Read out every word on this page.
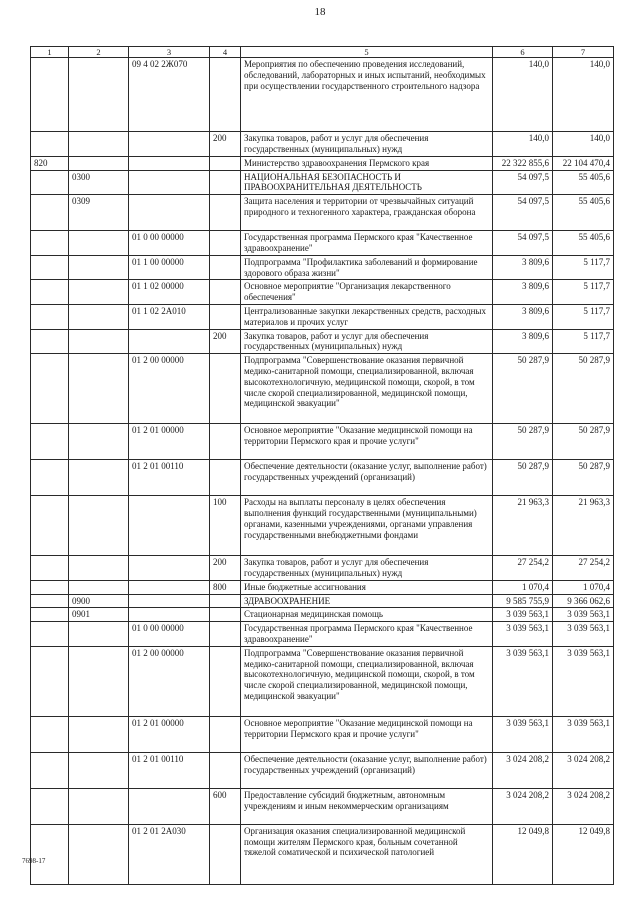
18
1	2	3	4	5	6	7
		09 4 02 2Ж070		Мероприятия по обеспечению проведения исследований, обследований, лабораторных и иных испытаний, необходимых при осуществлении государственного строительного надзора	140,0	140,0
			200	Закупка товаров, работ и услуг для обеспечения государственных (муниципальных) нужд	140,0	140,0
820				Министерство здравоохранения Пермского края	22 322 855,6	22 104 470,4
	0300			НАЦИОНАЛЬНАЯ БЕЗОПАСНОСТЬ И ПРАВООХРАНИТЕЛЬНАЯ ДЕЯТЕЛЬНОСТЬ	54 097,5	55 405,6
	0309			Защита населения и территории от чрезвычайных ситуаций природного и техногенного характера, гражданская оборона	54 097,5	55 405,6
		01 0 00 00000		Государственная программа Пермского края "Качественное здравоохранение"	54 097,5	55 405,6
		01 1 00 00000		Подпрограмма "Профилактика заболеваний и формирование здорового образа жизни"	3 809,6	5 117,7
		01 1 02 00000		Основное мероприятие "Организация лекарственного обеспечения"	3 809,6	5 117,7
		01 1 02 2А010		Централизованные закупки лекарственных средств, расходных материалов и прочих услуг	3 809,6	5 117,7
			200	Закупка товаров, работ и услуг для обеспечения государственных (муниципальных) нужд	3 809,6	5 117,7
		01 2 00 00000		Подпрограмма "Совершенствование оказания первичной медико-санитарной помощи, специализированной, включая высокотехнологичную, медицинской помощи, скорой, в том числе скорой специализированной, медицинской помощи, медицинской эвакуации"	50 287,9	50 287,9
		01 2 01 00000		Основное мероприятие "Оказание медицинской помощи на территории Пермского края и прочие услуги"	50 287,9	50 287,9
		01 2 01 00110		Обеспечение деятельности (оказание услуг, выполнение работ) государственных учреждений (организаций)	50 287,9	50 287,9
			100	Расходы на выплаты персоналу в целях обеспечения выполнения функций государственными (муниципальными) органами, казенными учреждениями, органами управления государственными внебюджетными фондами	21 963,3	21 963,3
			200	Закупка товаров, работ и услуг для обеспечения государственных (муниципальных) нужд	27 254,2	27 254,2
			800	Иные бюджетные ассигнования	1 070,4	1 070,4
	0900			ЗДРАВООХРАНЕНИЕ	9 585 755,9	9 366 062,6
	0901			Стационарная медицинская помощь	3 039 563,1	3 039 563,1
		01 0 00 00000		Государственная программа Пермского края "Качественное здравоохранение"	3 039 563,1	3 039 563,1
		01 2 00 00000		Подпрограмма "Совершенствование оказания первичной медико-санитарной помощи, специализированной, включая высокотехнологичную, медицинской помощи, скорой, в том числе скорой специализированной, медицинской помощи, медицинской эвакуации"	3 039 563,1	3 039 563,1
		01 2 01 00000		Основное мероприятие "Оказание медицинской помощи на территории Пермского края и прочие услуги"	3 039 563,1	3 039 563,1
		01 2 01 00110		Обеспечение деятельности (оказание услуг, выполнение работ) государственных учреждений (организаций)	3 024 208,2	3 024 208,2
			600	Предоставление субсидий бюджетным, автономным учреждениям и иным некоммерческим организациям	3 024 208,2	3 024 208,2
		01 2 01 2А030		Организация оказания специализированной медицинской помощи жителям Пермского края, больным сочетанной тяжелой соматической и психической патологией	12 049,8	12 049,8
7698-17
